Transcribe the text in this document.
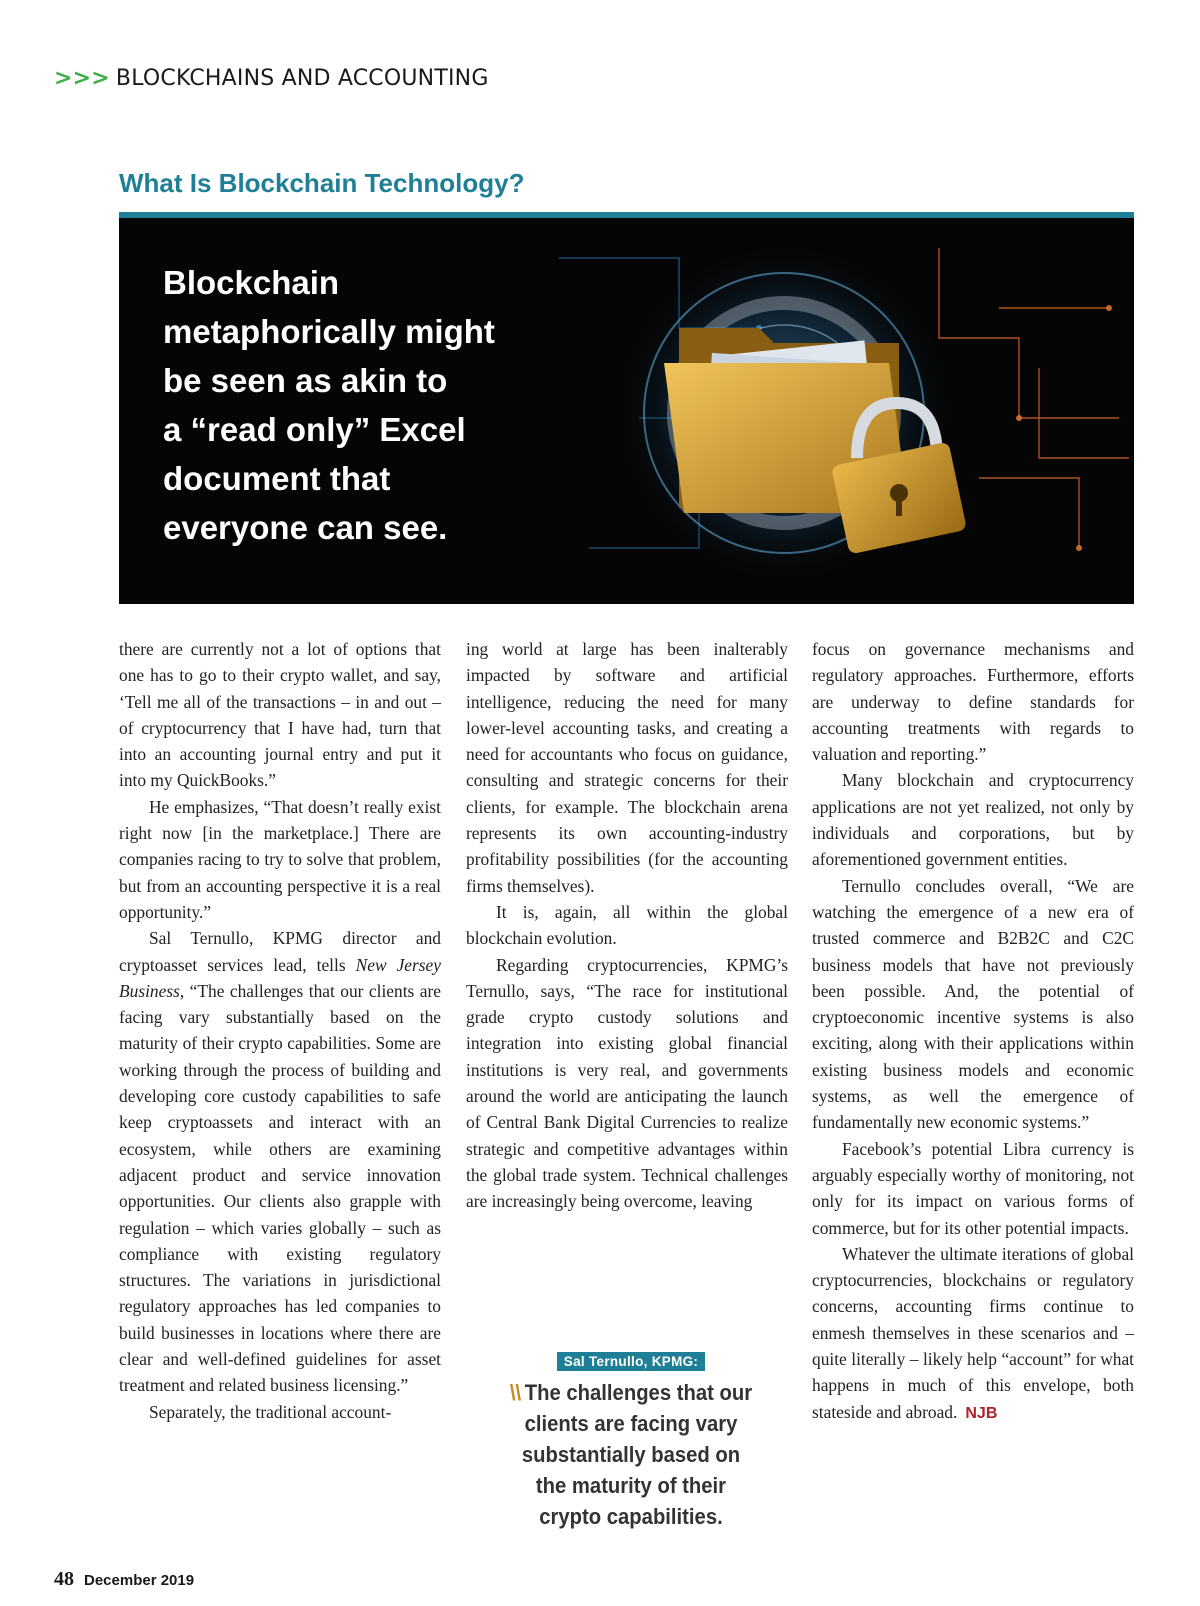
>>> BLOCKCHAINS AND ACCOUNTING
What Is Blockchain Technology?
Blockchain
metaphorically might
be seen as akin to
a “read only” Excel
document that
everyone can see.

there are currently not a lot of options that one has to go to their crypto wallet, and say, ‘Tell me all of the transactions – in and out – of cryptocurrency that I have had, turn that into an accounting journal entry and put it into my QuickBooks.”

He emphasizes, “That doesn’t really exist right now [in the marketplace.] There are companies racing to try to solve that problem, but from an accounting perspective it is a real opportunity.”

Sal Ternullo, KPMG director and cryptoasset services lead, tells New Jersey Business, “The challenges that our clients are facing vary substantially based on the maturity of their crypto capabilities. Some are working through the process of building and developing core custody capabilities to safe keep cryptoassets and interact with an ecosystem, while others are examining adjacent product and service innovation opportunities. Our clients also grapple with regulation – which varies globally – such as compliance with existing regulatory structures. The variations in jurisdictional regulatory approaches has led companies to build businesses in locations where there are clear and well-defined guidelines for asset treatment and related business licensing.”

Separately, the traditional account-

ing world at large has been inalterably impacted by software and artificial intelligence, reducing the need for many lower-level accounting tasks, and creating a need for accountants who focus on guidance, consulting and strategic concerns for their clients, for example. The blockchain arena represents its own accounting-industry profitability possibilities (for the accounting firms themselves).

It is, again, all within the global blockchain evolution.

Regarding cryptocurrencies, KPMG’s Ternullo, says, “The race for institutional grade crypto custody solutions and integration into existing global financial institutions is very real, and governments around the world are anticipating the launch of Central Bank Digital Currencies to realize strategic and competitive advantages within the global trade system. Technical challenges are increasingly being overcome, leaving

Sal Ternullo, KPMG:
\\ The challenges that our clients are facing vary substantially based on the maturity of their crypto capabilities.

focus on governance mechanisms and regulatory approaches. Furthermore, efforts are underway to define standards for accounting treatments with regards to valuation and reporting.”

Many blockchain and cryptocurrency applications are not yet realized, not only by individuals and corporations, but by aforementioned government entities.

Ternullo concludes overall, “We are watching the emergence of a new era of trusted commerce and B2B2C and C2C business models that have not previously been possible. And, the potential of cryptoeconomic incentive systems is also exciting, along with their applications within existing business models and economic systems, as well the emergence of fundamentally new economic systems.”

Facebook’s potential Libra currency is arguably especially worthy of monitoring, not only for its impact on various forms of commerce, but for its other potential impacts.

Whatever the ultimate iterations of global cryptocurrencies, blockchains or regulatory concerns, accounting firms continue to enmesh themselves in these scenarios and – quite literally – likely help “account” for what happens in much of this envelope, both stateside and abroad. NJB

48 December 2019
